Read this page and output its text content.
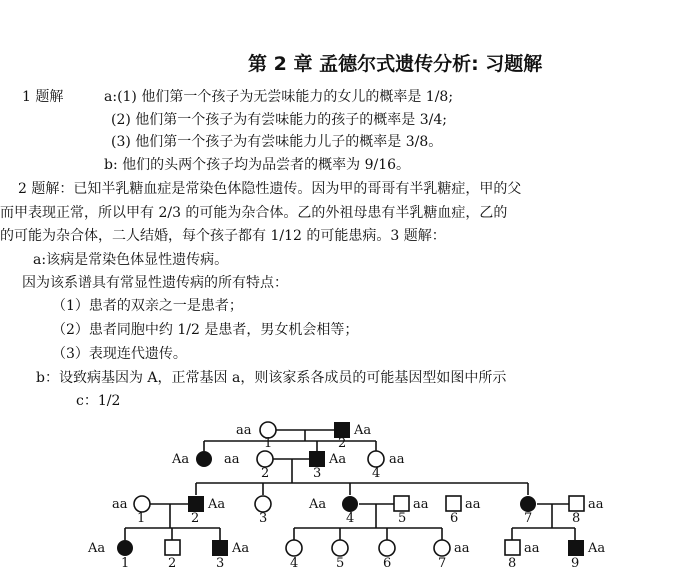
第 2 章 孟德尔式遗传分析: 习题解
1 题解	a:(1) 他们第一个孩子为无尝味能力的女儿的概率是 1/8;
(2) 他们第一个孩子为有尝味能力的孩子的概率是 3/4;
(3) 他们第一个孩子为有尝味能力儿子的概率是 3/8。
b: 他们的头两个孩子均为品尝者的概率为 9/16。
2 题解：已知半乳糖血症是常染色体隐性遗传。因为甲的哥哥有半乳糖症，甲的父
而甲表现正常，所以甲有 2/3 的可能为杂合体。乙的外祖母患有半乳糖血症，乙的
的可能为杂合体，二人结婚，每个孩子都有 1/12 的可能患病。3 题解：
a:该病是常染色体显性遗传病。
因为该系谱具有常显性遗传病的所有特点：
（1）患者的双亲之一是患者；
（2）患者同胞中约 1/2 是患者，男女机会相等；
（3）表现连代遗传。
b：设致病基因为 A，正常基因 a，则该家系各成员的可能基因型如图中所示
c：1/2
1	2
2	3	4
1	2	3	4	5	6	7	8
1	2	3	4	5	6	7	8	9
aa	Aa
Aa	aa	Aa	aa
aa	Aa	Aa	aa	aa	aa
Aa	Aa	aa	aa	Aa
